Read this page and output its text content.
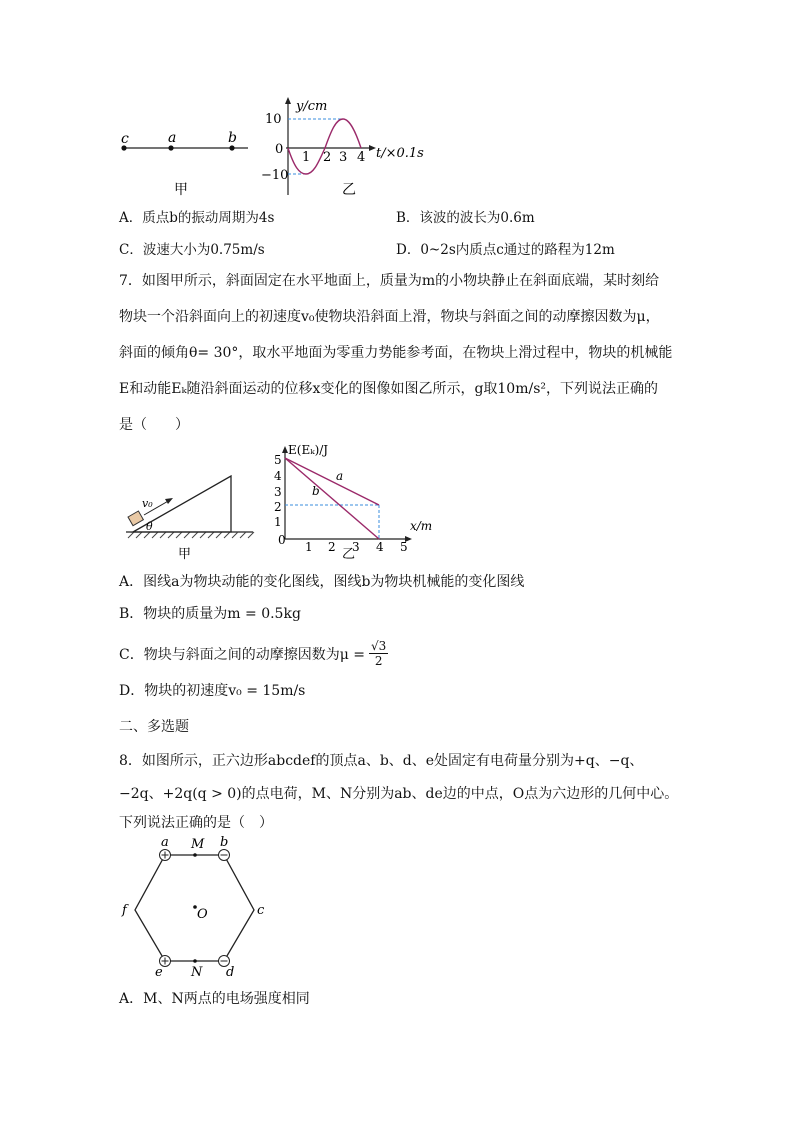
c	a	b
甲
y/cm
t/×0.1s
10
0
−10
1 2 3 4
乙
A．质点b的振动周期为4s	B．该波的波长为0.6m
C．波速大小为0.75m/s	D．0~2s内质点c通过的路程为12m
7．如图甲所示，斜面固定在水平地面上，质量为m的小物块静止在斜面底端，某时刻给
物块一个沿斜面向上的初速度v₀使物块沿斜面上滑，物块与斜面之间的动摩擦因数为μ，
斜面的倾角θ= 30°，取水平地面为零重力势能参考面，在物块上滑过程中，物块的机械能
E和动能Eₖ随沿斜面运动的位移x变化的图像如图乙所示，g取10m/s²，下列说法正确的
是（　　）
v₀
θ
甲
E(Eₖ)/J
x/m
5
4
3
2
1
0 1 2 3 4 5
a
b
乙
A．图线a为物块动能的变化图线，图线b为物块机械能的变化图线
B．物块的质量为m = 0.5kg
C．物块与斜面之间的动摩擦因数为$\mu = \frac{√3}{2}$
D．物块的初速度v₀ = 15m/s
二、多选题
8．如图所示，正六边形abcdef的顶点a、b、d、e处固定有电荷量分别为+q、−q、
−2q、+2q(q > 0)的点电荷，M、N分别为ab、de边的中点，O点为六边形的几何中心。
下列说法正确的是（　）
a	b
c
d
e
f
M
N
O
A．M、N两点的电场强度相同
